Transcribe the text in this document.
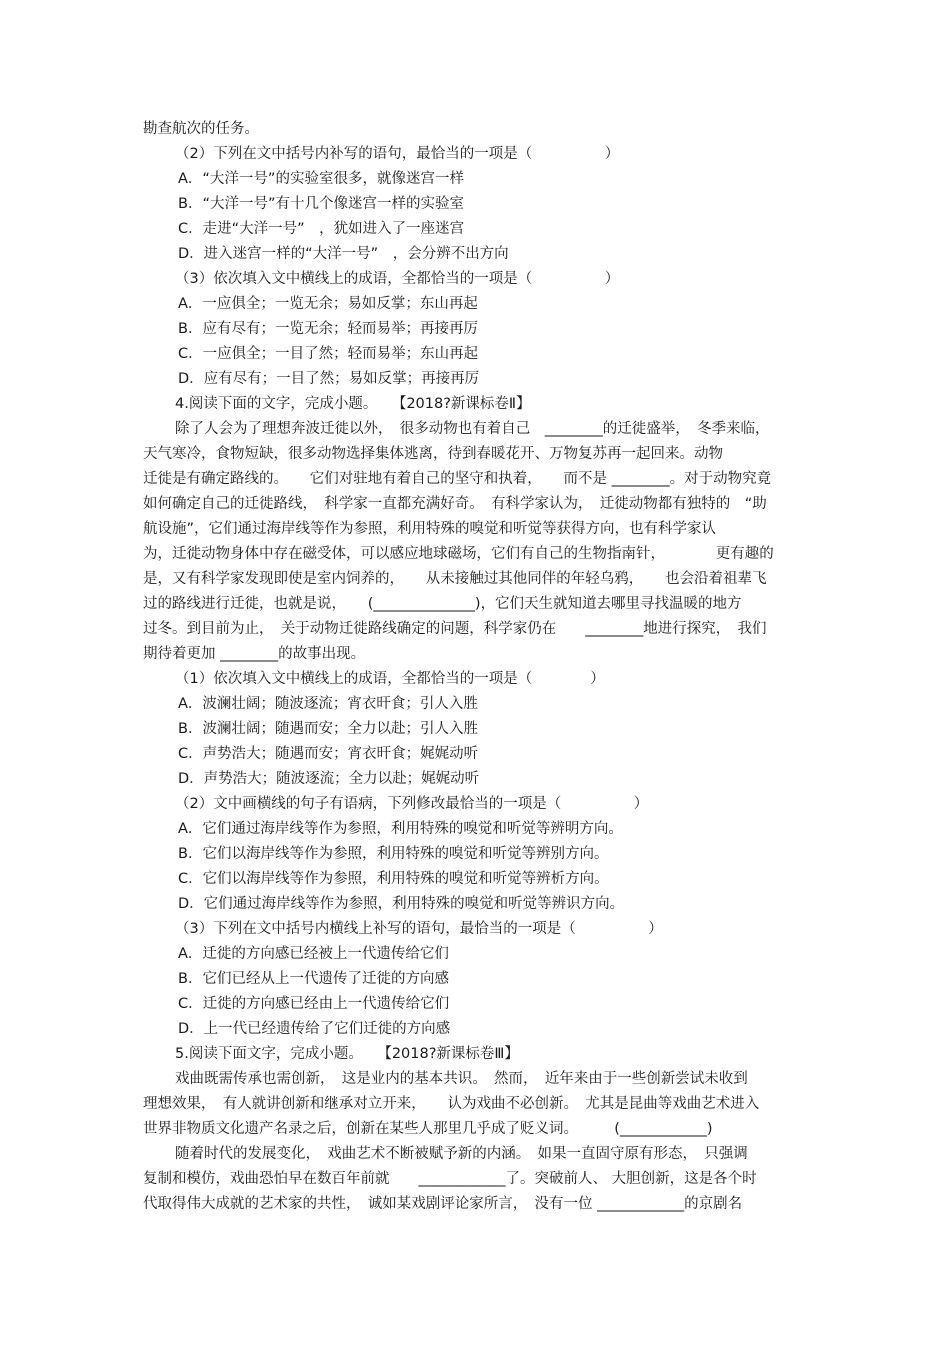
勘查航次的任务。
（2）下列在文中括号内补写的语句，最恰当的一项是（　　　　　）
A．“大洋一号”的实验室很多，就像迷宫一样
B．“大洋一号”有十几个像迷宫一样的实验室
C．走进“大洋一号”　，犹如进入了一座迷宫
D．进入迷宫一样的“大洋一号”　，会分辨不出方向
（3）依次填入文中横线上的成语，全都恰当的一项是（　　　　　）
A．一应俱全；一览无余；易如反掌；东山再起
B．应有尽有；一览无余；轻而易举；再接再厉
C．一应俱全；一目了然；轻而易举；东山再起
D．应有尽有；一目了然；易如反掌；再接再厉
4.阅读下面的文字，完成小题。　　【2018?新课标卷Ⅱ】
除了人会为了理想奔波迁徙以外，　很多动物也有着自己　________的迁徙盛举，　冬季来临，
天气寒冷，食物短缺，很多动物选择集体逃离，待到春暖花开、万物复苏再一起回来。动物
迁徙是有确定路线的。　　它们对驻地有着自己的坚守和执着，　　而不是 ________。对于动物究竟
如何确定自己的迁徙路线，　科学家一直都充满好奇。　有科学家认为，　迁徙动物都有独特的　“助
航设施”，它们通过海岸线等作为参照，利用特殊的嗅觉和听觉等获得方向，也有科学家认
为，迁徙动物身体中存在磁受体，可以感应地球磁场，它们有自己的生物指南针，　　　　更有趣的
是，又有科学家发现即使是室内饲养的，　　从未接触过其他同伴的年轻乌鸦，　　也会沿着祖辈飞
过的路线进行迁徙，也就是说，　　(______________)，它们天生就知道去哪里寻找温暖的地方
过冬。到目前为止，　关于动物迁徙路线确定的问题，科学家仍在　　________地进行探究，　我们
期待着更加 ________的故事出现。
（1）依次填入文中横线上的成语，全都恰当的一项是（　　　　）
A．波澜壮阔；随波逐流；宵衣旰食；引人入胜
B．波澜壮阔；随遇而安；全力以赴；引人入胜
C．声势浩大；随遇而安；宵衣旰食；娓娓动听
D．声势浩大；随波逐流；全力以赴；娓娓动听
（2）文中画横线的句子有语病，下列修改最恰当的一项是（　　　　　）
A．它们通过海岸线等作为参照，利用特殊的嗅觉和听觉等辨明方向。
B．它们以海岸线等作为参照，利用特殊的嗅觉和听觉等辨别方向。
C．它们以海岸线等作为参照，利用特殊的嗅觉和听觉等辨析方向。
D．它们通过海岸线等作为参照，利用特殊的嗅觉和听觉等辨识方向。
（3）下列在文中括号内横线上补写的语句，最恰当的一项是（　　　　　）
A．迁徙的方向感已经被上一代遗传给它们
B．它们已经从上一代遗传了迁徙的方向感
C．迁徙的方向感已经由上一代遗传给它们
D．上一代已经遗传给了它们迁徙的方向感
5.阅读下面文字，完成小题。　　【2018?新课标卷Ⅲ】
戏曲既需传承也需创新，　这是业内的基本共识。　然而，　近年来由于一些创新尝试未收到
理想效果，　有人就讲创新和继承对立开来，　　认为戏曲不必创新。　尤其是昆曲等戏曲艺术进入
世界非物质文化遗产名录之后，创新在某些人那里几乎成了贬义词。　　　(____________)
随着时代的发展变化，　戏曲艺术不断被赋予新的内涵。　如果一直固守原有形态，　只强调
复制和模仿，戏曲恐怕早在数百年前就　　____________了。突破前人、 大胆创新，这是各个时
代取得伟大成就的艺术家的共性，　诚如某戏剧评论家所言，　没有一位 ____________的京剧名
